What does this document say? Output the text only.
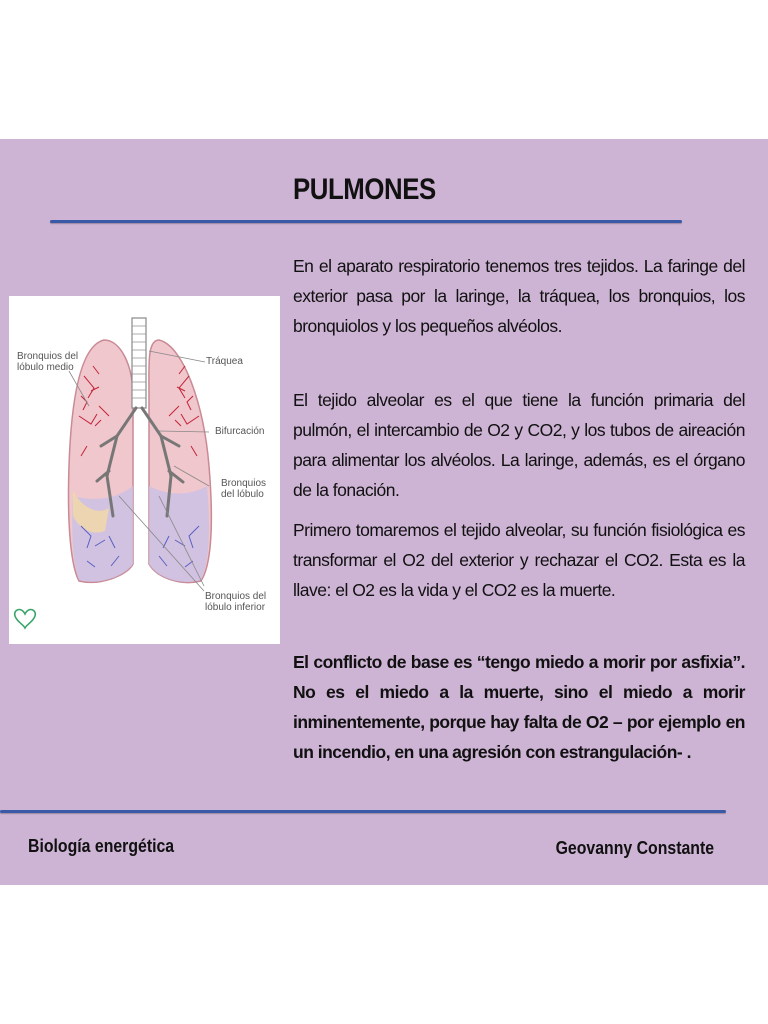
PULMONES
Bronquios del lóbulo medio
Tráquea
Bifurcación
Bronquios del lóbulo
Bronquios del lóbulo inferior
En el aparato respiratorio tenemos tres tejidos. La faringe del exterior pasa por la laringe, la tráquea, los bronquios, los bronquiolos y los pequeños alvéolos.
El tejido alveolar es el que tiene la función primaria del pulmón, el intercambio de O2 y CO2, y los tubos de aireación para alimentar los alvéolos. La laringe, además, es el órgano de la fonación.
Primero tomaremos el tejido alveolar, su función fisiológica es transformar el O2 del exterior y rechazar el CO2. Esta es la llave: el O2 es la vida y el CO2 es la muerte.
El conflicto de base es “tengo miedo a morir por asfixia”. No es el miedo a la muerte, sino el miedo a morir inminentemente, porque hay falta de O2 – por ejemplo en un incendio, en una agresión con estrangulación- .
Biología energética	Geovanny Constante
